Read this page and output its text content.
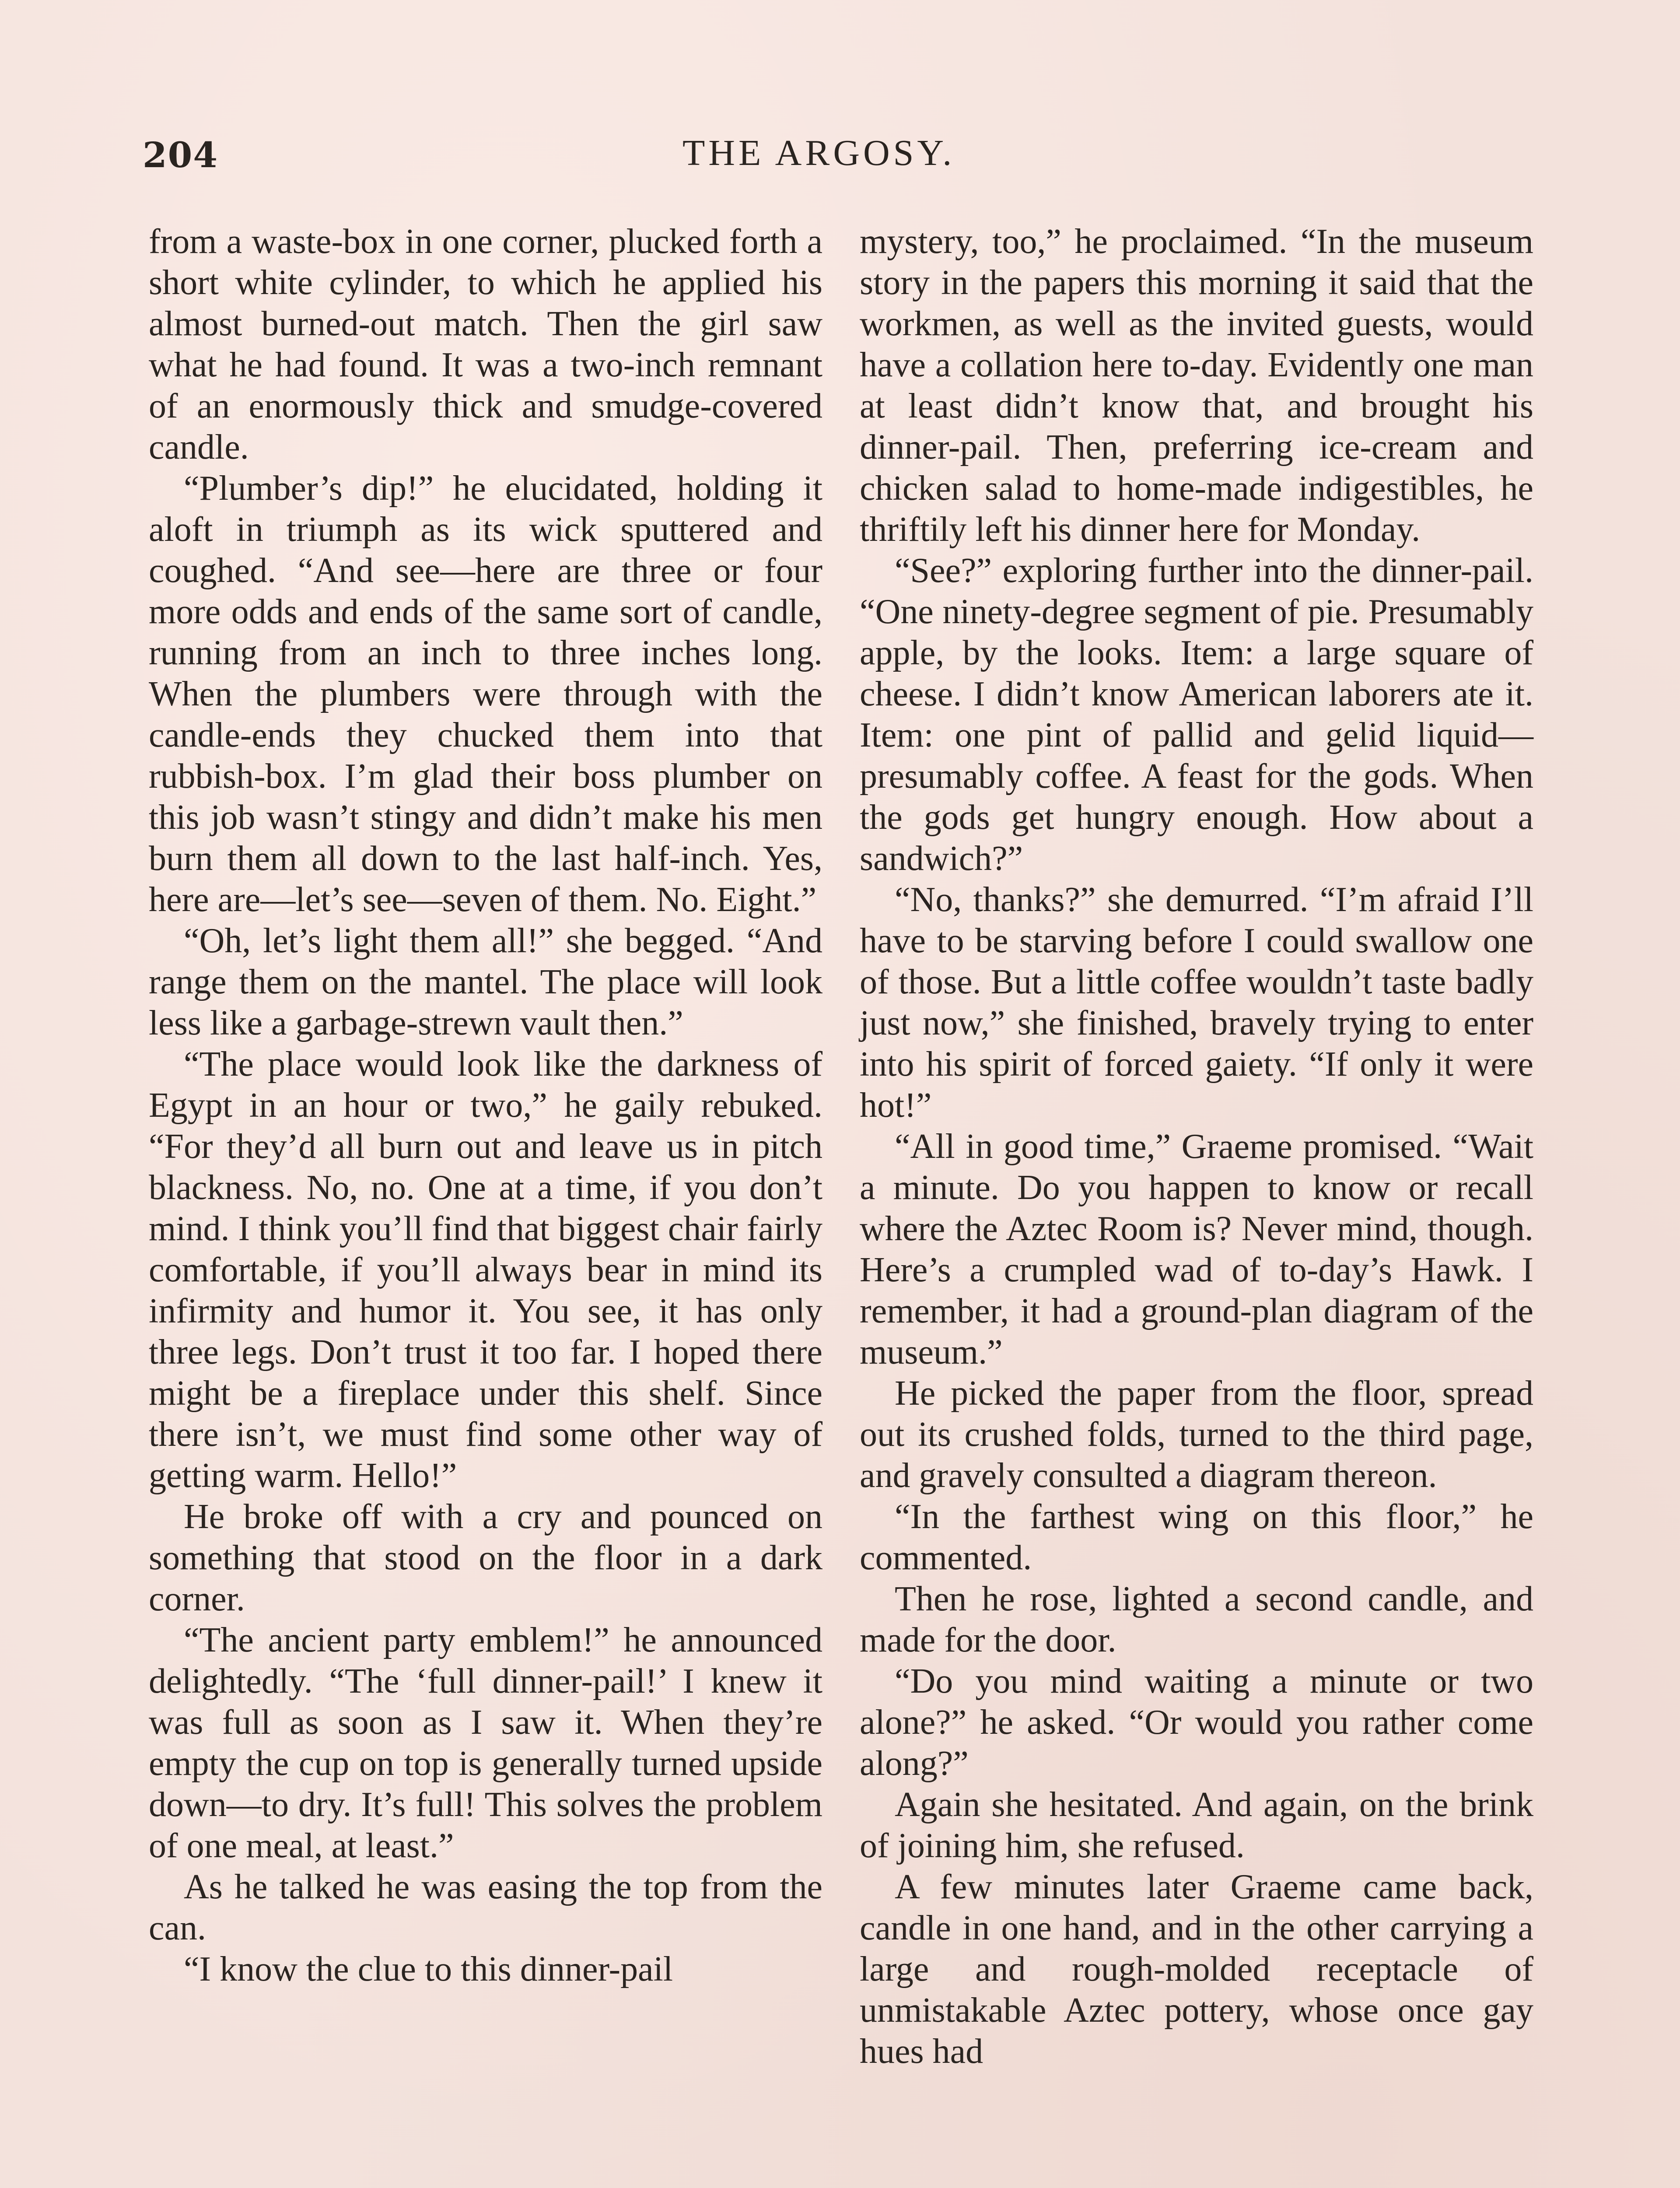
204	THE ARGOSY.

from a waste-box in one corner, plucked forth a short white cylinder, to which he applied his almost burned-out match. Then the girl saw what he had found. It was a two-inch remnant of an enormously thick and smudge-covered candle.

“Plumber’s dip!” he elucidated, holding it aloft in triumph as its wick sputtered and coughed. “And see—here are three or four more odds and ends of the same sort of candle, running from an inch to three inches long. When the plumbers were through with the candle-ends they chucked them into that rubbish-box. I’m glad their boss plumber on this job wasn’t stingy and didn’t make his men burn them all down to the last half-inch. Yes, here are—let’s see—seven of them. No. Eight.”

“Oh, let’s light them all!” she begged. “And range them on the mantel. The place will look less like a garbage-strewn vault then.”

“The place would look like the darkness of Egypt in an hour or two,” he gaily rebuked. “For they’d all burn out and leave us in pitch blackness. No, no. One at a time, if you don’t mind. I think you’ll find that biggest chair fairly comfortable, if you’ll always bear in mind its infirmity and humor it. You see, it has only three legs. Don’t trust it too far. I hoped there might be a fireplace under this shelf. Since there isn’t, we must find some other way of getting warm. Hello!”

He broke off with a cry and pounced on something that stood on the floor in a dark corner.

“The ancient party emblem!” he announced delightedly. “The ‘full dinner-pail!’ I knew it was full as soon as I saw it. When they’re empty the cup on top is generally turned upside down—to dry. It’s full! This solves the problem of one meal, at least.”

As he talked he was easing the top from the can.

“I know the clue to this dinner-pail

mystery, too,” he proclaimed. “In the museum story in the papers this morning it said that the workmen, as well as the invited guests, would have a collation here to-day. Evidently one man at least didn’t know that, and brought his dinner-pail. Then, preferring ice-cream and chicken salad to home-made indigestibles, he thriftily left his dinner here for Monday.

“See?” exploring further into the dinner-pail. “One ninety-degree segment of pie. Presumably apple, by the looks. Item: a large square of cheese. I didn’t know American laborers ate it. Item: one pint of pallid and gelid liquid—presumably coffee. A feast for the gods. When the gods get hungry enough. How about a sandwich?”

“No, thanks?” she demurred. “I’m afraid I’ll have to be starving before I could swallow one of those. But a little coffee wouldn’t taste badly just now,” she finished, bravely trying to enter into his spirit of forced gaiety. “If only it were hot!”

“All in good time,” Graeme promised. “Wait a minute. Do you happen to know or recall where the Aztec Room is? Never mind, though. Here’s a crumpled wad of to-day’s Hawk. I remember, it had a ground-plan diagram of the museum.”

He picked the paper from the floor, spread out its crushed folds, turned to the third page, and gravely consulted a diagram thereon.

“In the farthest wing on this floor,” he commented.

Then he rose, lighted a second candle, and made for the door.

“Do you mind waiting a minute or two alone?” he asked. “Or would you rather come along?”

Again she hesitated. And again, on the brink of joining him, she refused.

A few minutes later Graeme came back, candle in one hand, and in the other carrying a large and rough-molded receptacle of unmistakable Aztec pottery, whose once gay hues had
